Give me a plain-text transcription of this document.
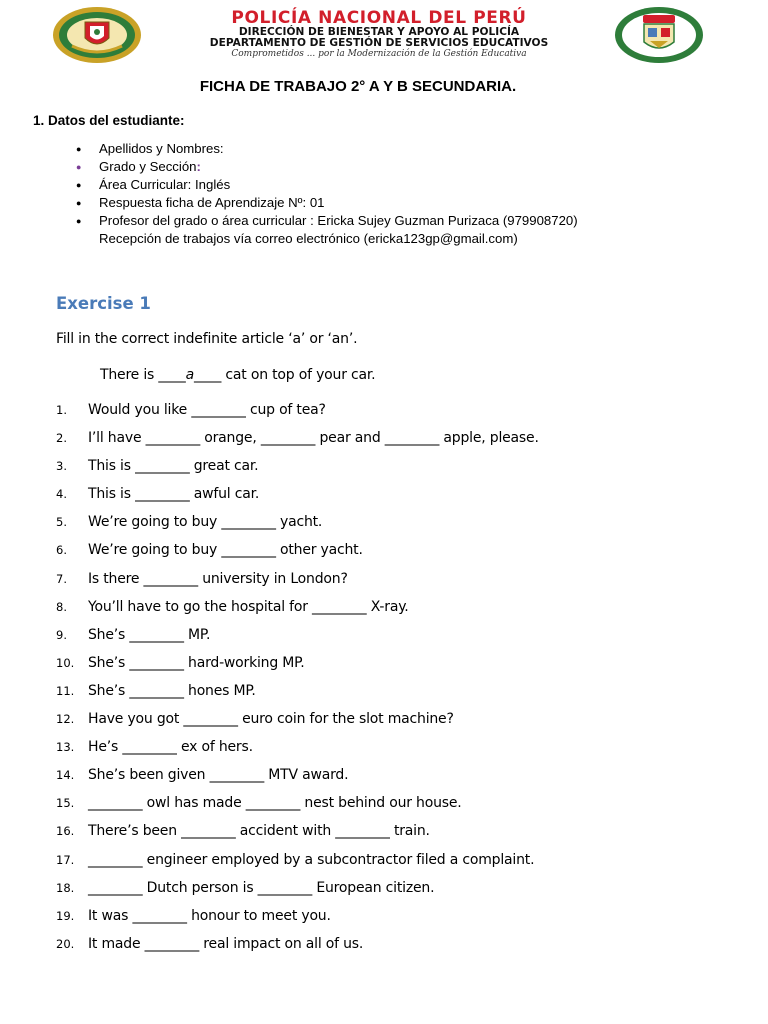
POLICÍA NACIONAL DEL PERÚ
DIRECCIÓN DE BIENESTAR Y APOYO AL POLICÍA
DEPARTAMENTO DE GESTIÓN DE SERVICIOS EDUCATIVOS
Comprometidos ... por la Modernización de la Gestión Educativa
FICHA DE TRABAJO 2° A Y B SECUNDARIA.
1. Datos del estudiante:
● Apellidos y Nombres:
● Grado y Sección:
● Área Curricular: Inglés
● Respuesta ficha de Aprendizaje Nº: 01
● Profesor del grado o área curricular : Ericka Sujey Guzman Purizaca (979908720)
Recepción de trabajos vía correo electrónico (ericka123gp@gmail.com)
Exercise 1
Fill in the correct indefinite article ‘a’ or ‘an’.
There is ____a____ cat on top of your car.
1.	Would you like ________ cup of tea?
2.	I’ll have ________ orange, ________ pear and ________ apple, please.
3.	This is ________ great car.
4.	This is ________ awful car.
5.	We’re going to buy ________ yacht.
6.	We’re going to buy ________ other yacht.
7.	Is there ________ university in London?
8.	You’ll have to go the hospital for ________ X-ray.
9.	She’s ________ MP.
10. She’s ________ hard-working MP.
11. She’s ________ hones MP.
12. Have you got ________ euro coin for the slot machine?
13. He’s ________ ex of hers.
14. She’s been given ________ MTV award.
15. ________ owl has made ________ nest behind our house.
16. There’s been ________ accident with ________ train.
17. ________ engineer employed by a subcontractor filed a complaint.
18. ________ Dutch person is ________ European citizen.
19. It was ________ honour to meet you.
20. It made ________ real impact on all of us.
